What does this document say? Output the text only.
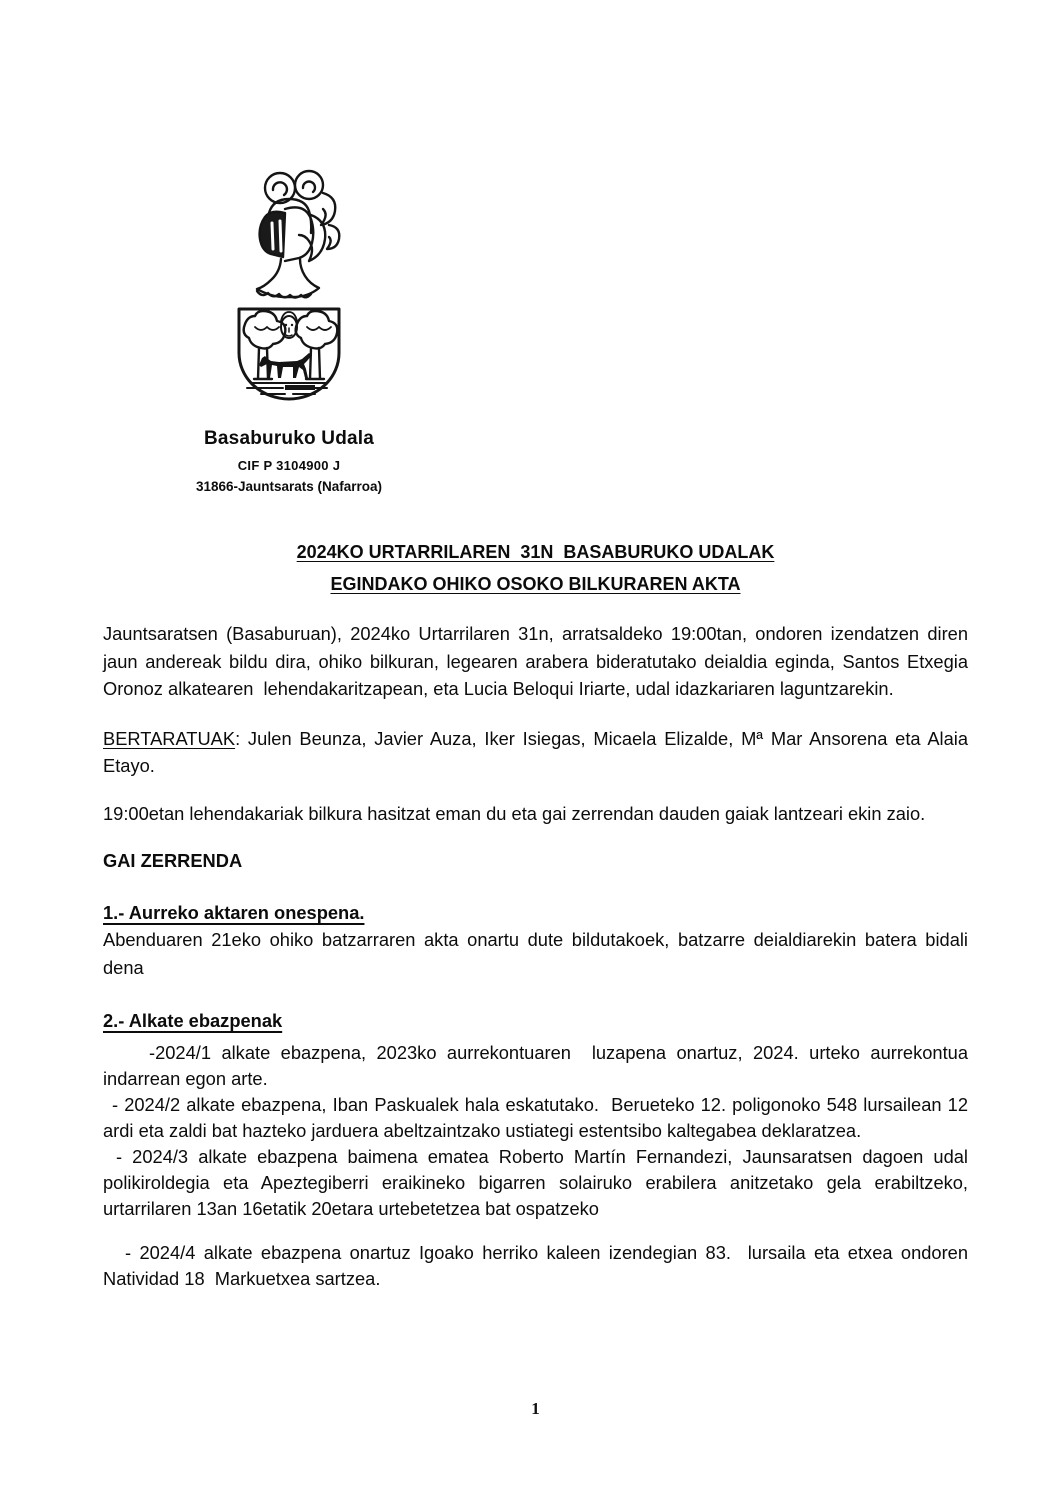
Basaburuko Udala
CIF P 3104900 J
31866-Jauntsarats (Nafarroa)
2024KO URTARRILAREN  31N  BASABURUKO UDALAK
EGINDAKO OHIKO OSOKO BILKURAREN AKTA

Jauntsaratsen (Basaburuan), 2024ko Urtarrilaren 31n, arratsaldeko 19:00tan, ondoren izendatzen diren jaun andereak bildu dira, ohiko bilkuran, legearen arabera bideratutako deialdia eginda, Santos Etxegia Oronoz alkatearen  lehendakaritzapean, eta Lucia Beloqui Iriarte, udal idazkariaren laguntzarekin.

BERTARATUAK: Julen Beunza, Javier Auza, Iker Isiegas, Micaela Elizalde, Mª Mar Ansorena eta Alaia Etayo.

19:00etan lehendakariak bilkura hasitzat eman du eta gai zerrendan dauden gaiak lantzeari ekin zaio.

GAI ZERRENDA

1.- Aurreko aktaren onespena.

Abenduaren 21eko ohiko batzarraren akta onartu dute bildutakoek, batzarre deialdiarekin batera bidali dena

2.- Alkate ebazpenak

-2024/1 alkate ebazpena, 2023ko aurrekontuaren  luzapena onartuz, 2024. urteko aurrekontua indarrean egon arte.

- 2024/2 alkate ebazpena, Iban Paskualek hala eskatutako.  Berueteko 12. poligonoko 548 lursailean 12 ardi eta zaldi bat hazteko jarduera abeltzaintzako ustiategi estentsibo kaltegabea deklaratzea.

- 2024/3 alkate ebazpena baimena ematea Roberto Martín Fernandezi, Jaunsaratsen dagoen udal polikiroldegia eta Apeztegiberri eraikineko bigarren solairuko erabilera anitzetako gela erabiltzeko, urtarrilaren 13an 16etatik 20etara urtebetetzea bat ospatzeko

- 2024/4 alkate ebazpena onartuz Igoako herriko kaleen izendegian 83.  lursaila eta etxea ondoren Natividad 18  Markuetxea sartzea.

1
